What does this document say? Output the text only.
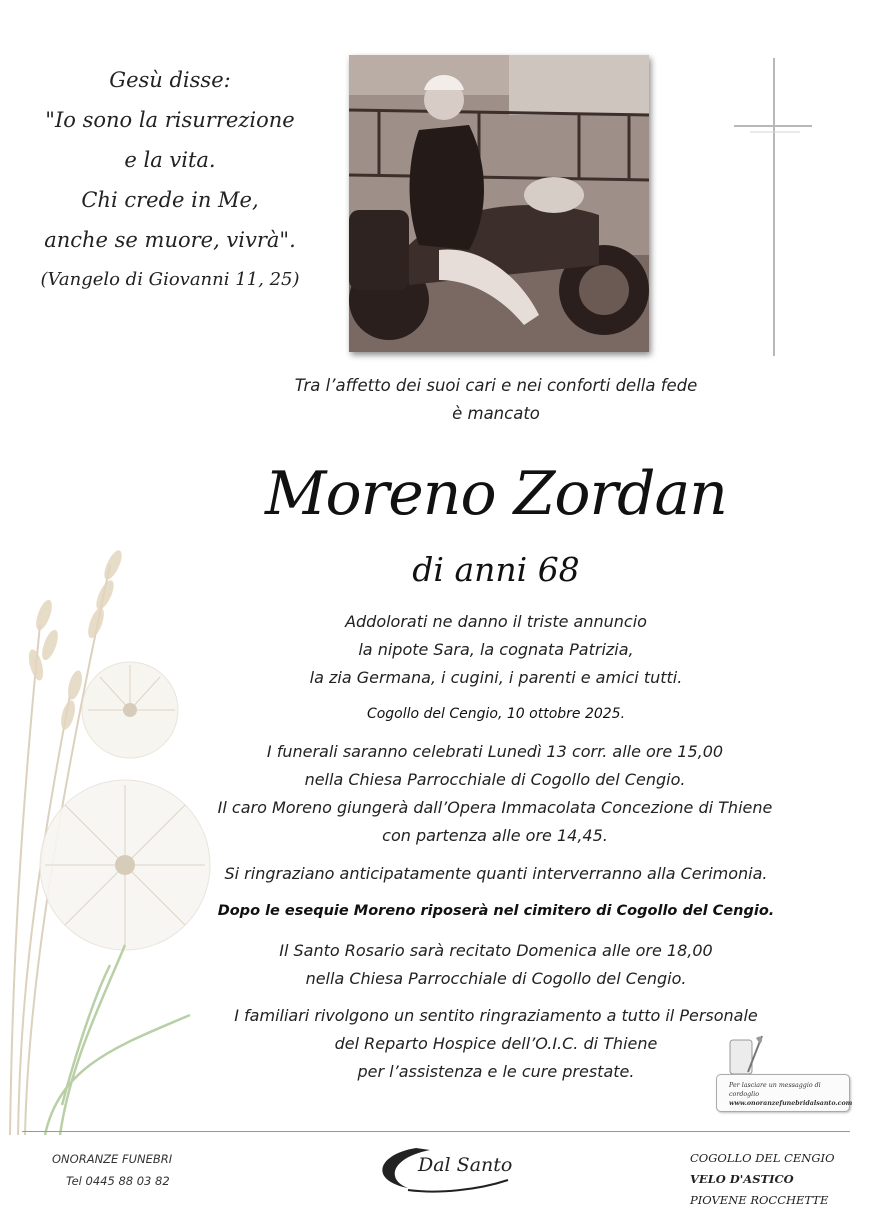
Gesù disse:
"Io sono la risurrezione
e la vita.
Chi crede in Me,
anche se muore, vivrà".
(Vangelo di Giovanni 11, 25)
Tra l’affetto dei suoi cari e nei conforti della fede
è mancato
Moreno Zordan
di anni 68
Addolorati ne danno il triste annuncio
la nipote Sara, la cognata Patrizia,
la zia Germana, i cugini, i parenti e amici tutti.
Cogollo del Cengio, 10 ottobre 2025.
I funerali saranno celebrati Lunedì 13 corr. alle ore 15,00
nella Chiesa Parrocchiale di Cogollo del Cengio.
Il caro Moreno giungerà dall’Opera Immacolata Concezione di Thiene
con partenza alle ore 14,45.
Si ringraziano anticipatamente quanti interverranno alla Cerimonia.
Dopo le esequie Moreno riposerà nel cimitero di Cogollo del Cengio.
Il Santo Rosario sarà recitato Domenica alle ore 18,00
nella Chiesa Parrocchiale di Cogollo del Cengio.
I familiari rivolgono un sentito ringraziamento a tutto il Personale
del Reparto Hospice dell’O.I.C. di Thiene
per l’assistenza e le cure prestate.
Per lasciare un messaggio di cordoglio
www.onoranzefunebridalsanto.com
ONORANZE FUNEBRI
Tel 0445 88 03 82
Dal Santo	COGOLLO DEL CENGIO
VELO D'ASTICO
PIOVENE ROCCHETTE
